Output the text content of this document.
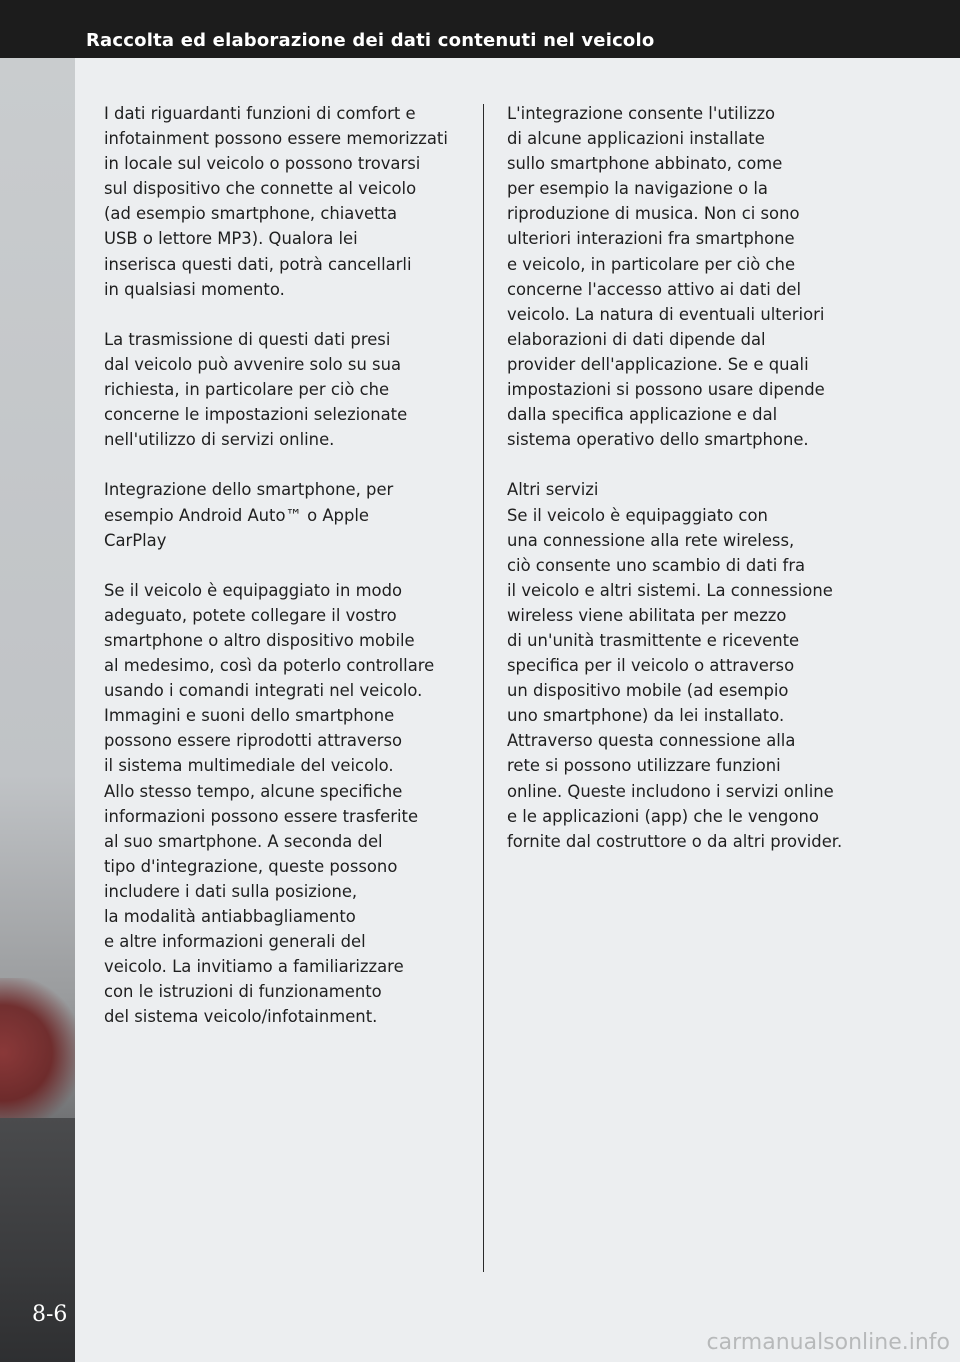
Raccolta ed elaborazione dei dati contenuti nel veicolo
8-6

I dati riguardanti funzioni di comfort e
infotainment possono essere memorizzati
in locale sul veicolo o possono trovarsi
sul dispositivo che connette al veicolo
(ad esempio smartphone, chiavetta
USB o lettore MP3). Qualora lei
inserisca questi dati, potrà cancellarli
in qualsiasi momento.

La trasmissione di questi dati presi
dal veicolo può avvenire solo su sua
richiesta, in particolare per ciò che
concerne le impostazioni selezionate
nell'utilizzo di servizi online.

Integrazione dello smartphone, per
esempio Android Auto™ o Apple
CarPlay

Se il veicolo è equipaggiato in modo
adeguato, potete collegare il vostro
smartphone o altro dispositivo mobile
al medesimo, così da poterlo controllare
usando i comandi integrati nel veicolo.
Immagini e suoni dello smartphone
possono essere riprodotti attraverso
il sistema multimediale del veicolo.
Allo stesso tempo, alcune specifiche
informazioni possono essere trasferite
al suo smartphone. A seconda del
tipo d'integrazione, queste possono
includere i dati sulla posizione,
la modalità antiabbagliamento
e altre informazioni generali del
veicolo. La invitiamo a familiarizzare
con le istruzioni di funzionamento
del sistema veicolo/infotainment.

L'integrazione consente l'utilizzo
di alcune applicazioni installate
sullo smartphone abbinato, come
per esempio la navigazione o la
riproduzione di musica. Non ci sono
ulteriori interazioni fra smartphone
e veicolo, in particolare per ciò che
concerne l'accesso attivo ai dati del
veicolo. La natura di eventuali ulteriori
elaborazioni di dati dipende dal
provider dell'applicazione. Se e quali
impostazioni si possono usare dipende
dalla specifica applicazione e dal
sistema operativo dello smartphone.

Altri servizi
Se il veicolo è equipaggiato con
una connessione alla rete wireless,
ciò consente uno scambio di dati fra
il veicolo e altri sistemi. La connessione
wireless viene abilitata per mezzo
di un'unità trasmittente e ricevente
specifica per il veicolo o attraverso
un dispositivo mobile (ad esempio
uno smartphone) da lei installato.
Attraverso questa connessione alla
rete si possono utilizzare funzioni
online. Queste includono i servizi online
e le applicazioni (app) che le vengono
fornite dal costruttore o da altri provider.

carmanualsonline.info
